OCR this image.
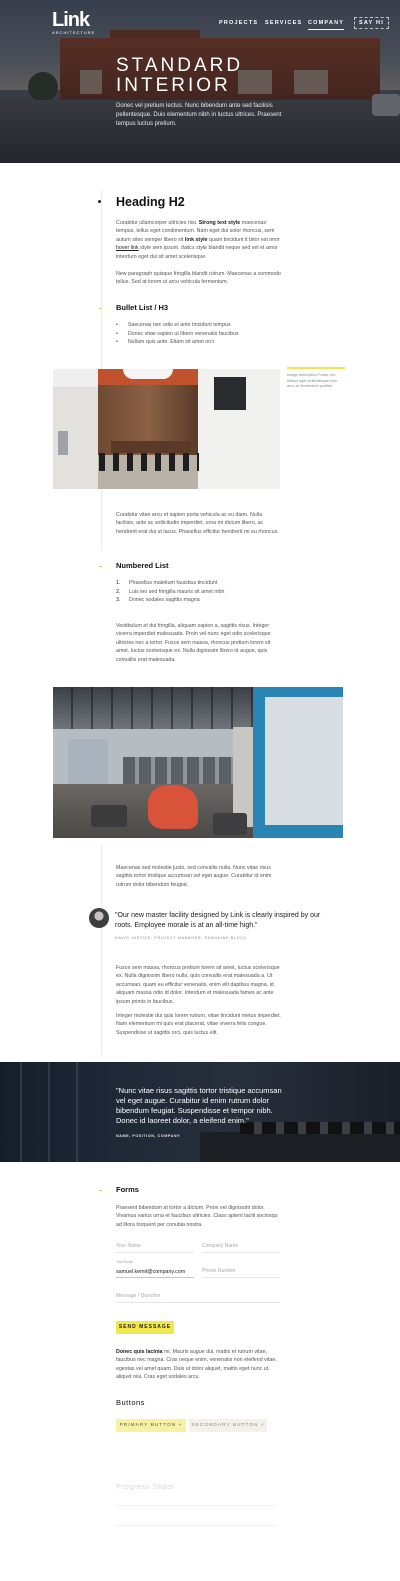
Link
ARCHITECTURE
PROJECTS SERVICES COMPANY	SAY HI
STANDARD
INTERIOR
Donec vel pretium lectus. Nunc bibendum ante sed facilisis pellentesque. Duis elementum nibh in luctus ultrices. Praesent tempus luctus pretium.
Heading H2
Curabitur ullamcorper ultricies nisi. Strong text style maecenas tempus, tellus eget condimentum. Nam eget dui solor rhoncus, sem autum sites semper libero sit link style quam tincidunt it bitor est imor hover link style sem ipsum. Italics style blandit neque sed vel et amor interdum eget dui sit amet scelerisque.
New paragraph quisque fringilla blandit rutrum. Maecenas a commodo tellus. Sed at lorem ut arcu vehicula fermentum.
Bullet List / H3
• Saecenas nec odio et ante tincidunt tempus
• Donec vitae sapien ut libero venenatis faucibus
• Nullam quis ante. Etiam sit amet orci
Image description Fusce nec finibus eget pellentesque num arcu ac fermentum porttitor
Curabitur vitae arcu et sapien porta vehicula ac eu diam. Nulla facilisis, ante ac sollicitudin imperdiet, urna mi dictum libero, ac hendrerit erat dui ut lacus. Phasellus efficitur hendrerit mi eu rhoncus.
Numbered List
1. Phasellus maletium faucibus tincidunt
2. Luis leo sed fringilla mauris sit amet nibh
3. Donec sodales sagittis magna
Vestibulum et dui fringilla, aliquam sapien a, sagittis risus. Integer viverra imperdiet malesuada. Proin vel nunc eget odio scelerisque ultricies nec a tortor. Fusce sem massa, rhoncus pretium lorem sit amet, luctus scelerisque ex. Nulla dignissim libero id augue, quis convallis erat malesuada.
Maecenas sed molestie justo, sed convallis nulla. Nunc vitae risus sagittis tortor tristique accumsan vel eget augue. Curabitur id enim rutrum dolor bibendum feugiat.
"Our new master facility designed by Link is clearly inspired by our roots. Employee morale is at an all-time high."
DAVID JUSTICE, PROJECT MANAGER, SANGUINE BLOCK
Fusce sem massa, rhoncus pretium lorem sit amet, luctus scelerisque ex. Nulla dignissim libero nulla, quis convallis erat malesuada a. Ut accumsan, quam eu efficitur venenatis, enim elit dapibus magna, id aliquam massa odio id dolor. Interdum et malesuada fames ac ante ipsum primis in faucibus.
Integer molestie dui quis lorem rutrum, vitae tincidunt metus imperdiet. Nam elementum mi quis erat placerat, vitae viverra felis congue. Suspendisse ut sagittis orci, quis luctus elit.
"Nunc vitae risus sagittis tortor tristique accumsan vel eget augue. Curabitur id enim rutrum dolor bibendum feugiat. Suspendisse et tempor nibh. Donec id laoreet dolor, a eleifend enim."
NAME, POSITION, COMPANY
Forms
Praesent bibendum at tortor a dictum. Proin vel dignissim dolor. Vivamus varius urna et faucibus ultricies. Class aptent taciti sociosqu ad litora torquent per conubia nostra.
Your Name	Company Name
Your Email
samuel.kemit@company.com	Phone Number
Message / Question
SEND MESSAGE
Donec quis lacinia mi. Mauris augue dui, mattis et rutrum vitae, faucibus nec magna. Cras neque enim, venenatis non eleifend vitae, egestas vel amet quam. Duis ut dolor aliquet, mattis eget nunc ut, aliquet nisi. Cras eget sodales arcu.
Buttons
PRIMARY BUTTON +	SECONDARY BUTTON +
Progress Slider
